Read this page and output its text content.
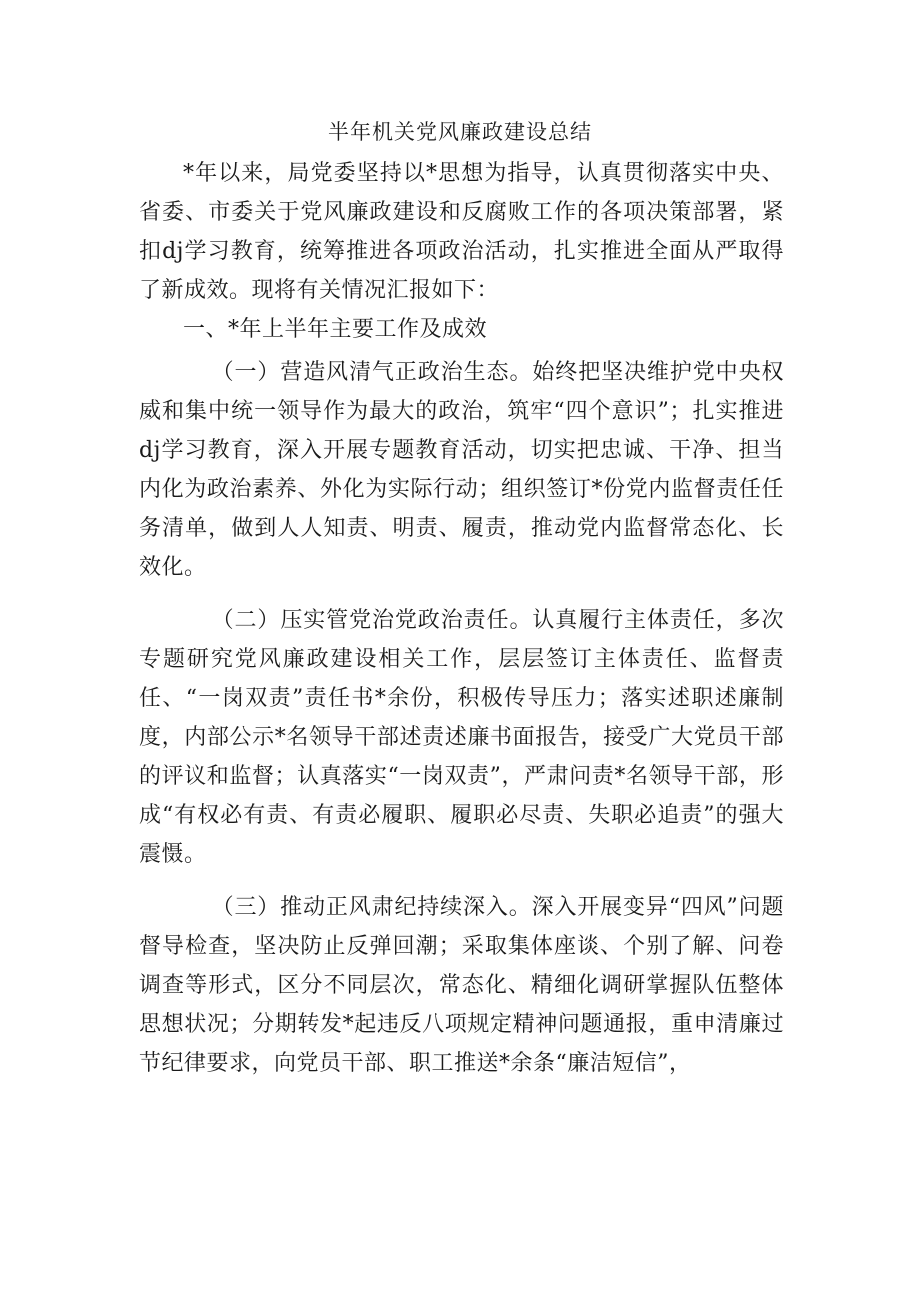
半年机关党风廉政建设总结

*年以来，局党委坚持以*思想为指导，认真贯彻落实中央、省委、市委关于党风廉政建设和反腐败工作的各项决策部署，紧扣dj学习教育，统筹推进各项政治活动，扎实推进全面从严取得了新成效。现将有关情况汇报如下：

一、*年上半年主要工作及成效

（一）营造风清气正政治生态。始终把坚决维护党中央权威和集中统一领导作为最大的政治，筑牢“四个意识”；扎实推进dj学习教育，深入开展专题教育活动，切实把忠诚、干净、担当内化为政治素养、外化为实际行动；组织签订*份党内监督责任任务清单，做到人人知责、明责、履责，推动党内监督常态化、长效化。

（二）压实管党治党政治责任。认真履行主体责任，多次专题研究党风廉政建设相关工作，层层签订主体责任、监督责任、“一岗双责”责任书*余份，积极传导压力；落实述职述廉制度，内部公示*名领导干部述责述廉书面报告，接受广大党员干部的评议和监督；认真落实“一岗双责”，严肃问责*名领导干部，形成“有权必有责、有责必履职、履职必尽责、失职必追责”的强大震慑。

（三）推动正风肃纪持续深入。深入开展变异“四风”问题督导检查，坚决防止反弹回潮；采取集体座谈、个别了解、问卷调查等形式，区分不同层次，常态化、精细化调研掌握队伍整体思想状况；分期转发*起违反八项规定精神问题通报，重申清廉过节纪律要求，向党员干部、职工推送*余条“廉洁短信”，
